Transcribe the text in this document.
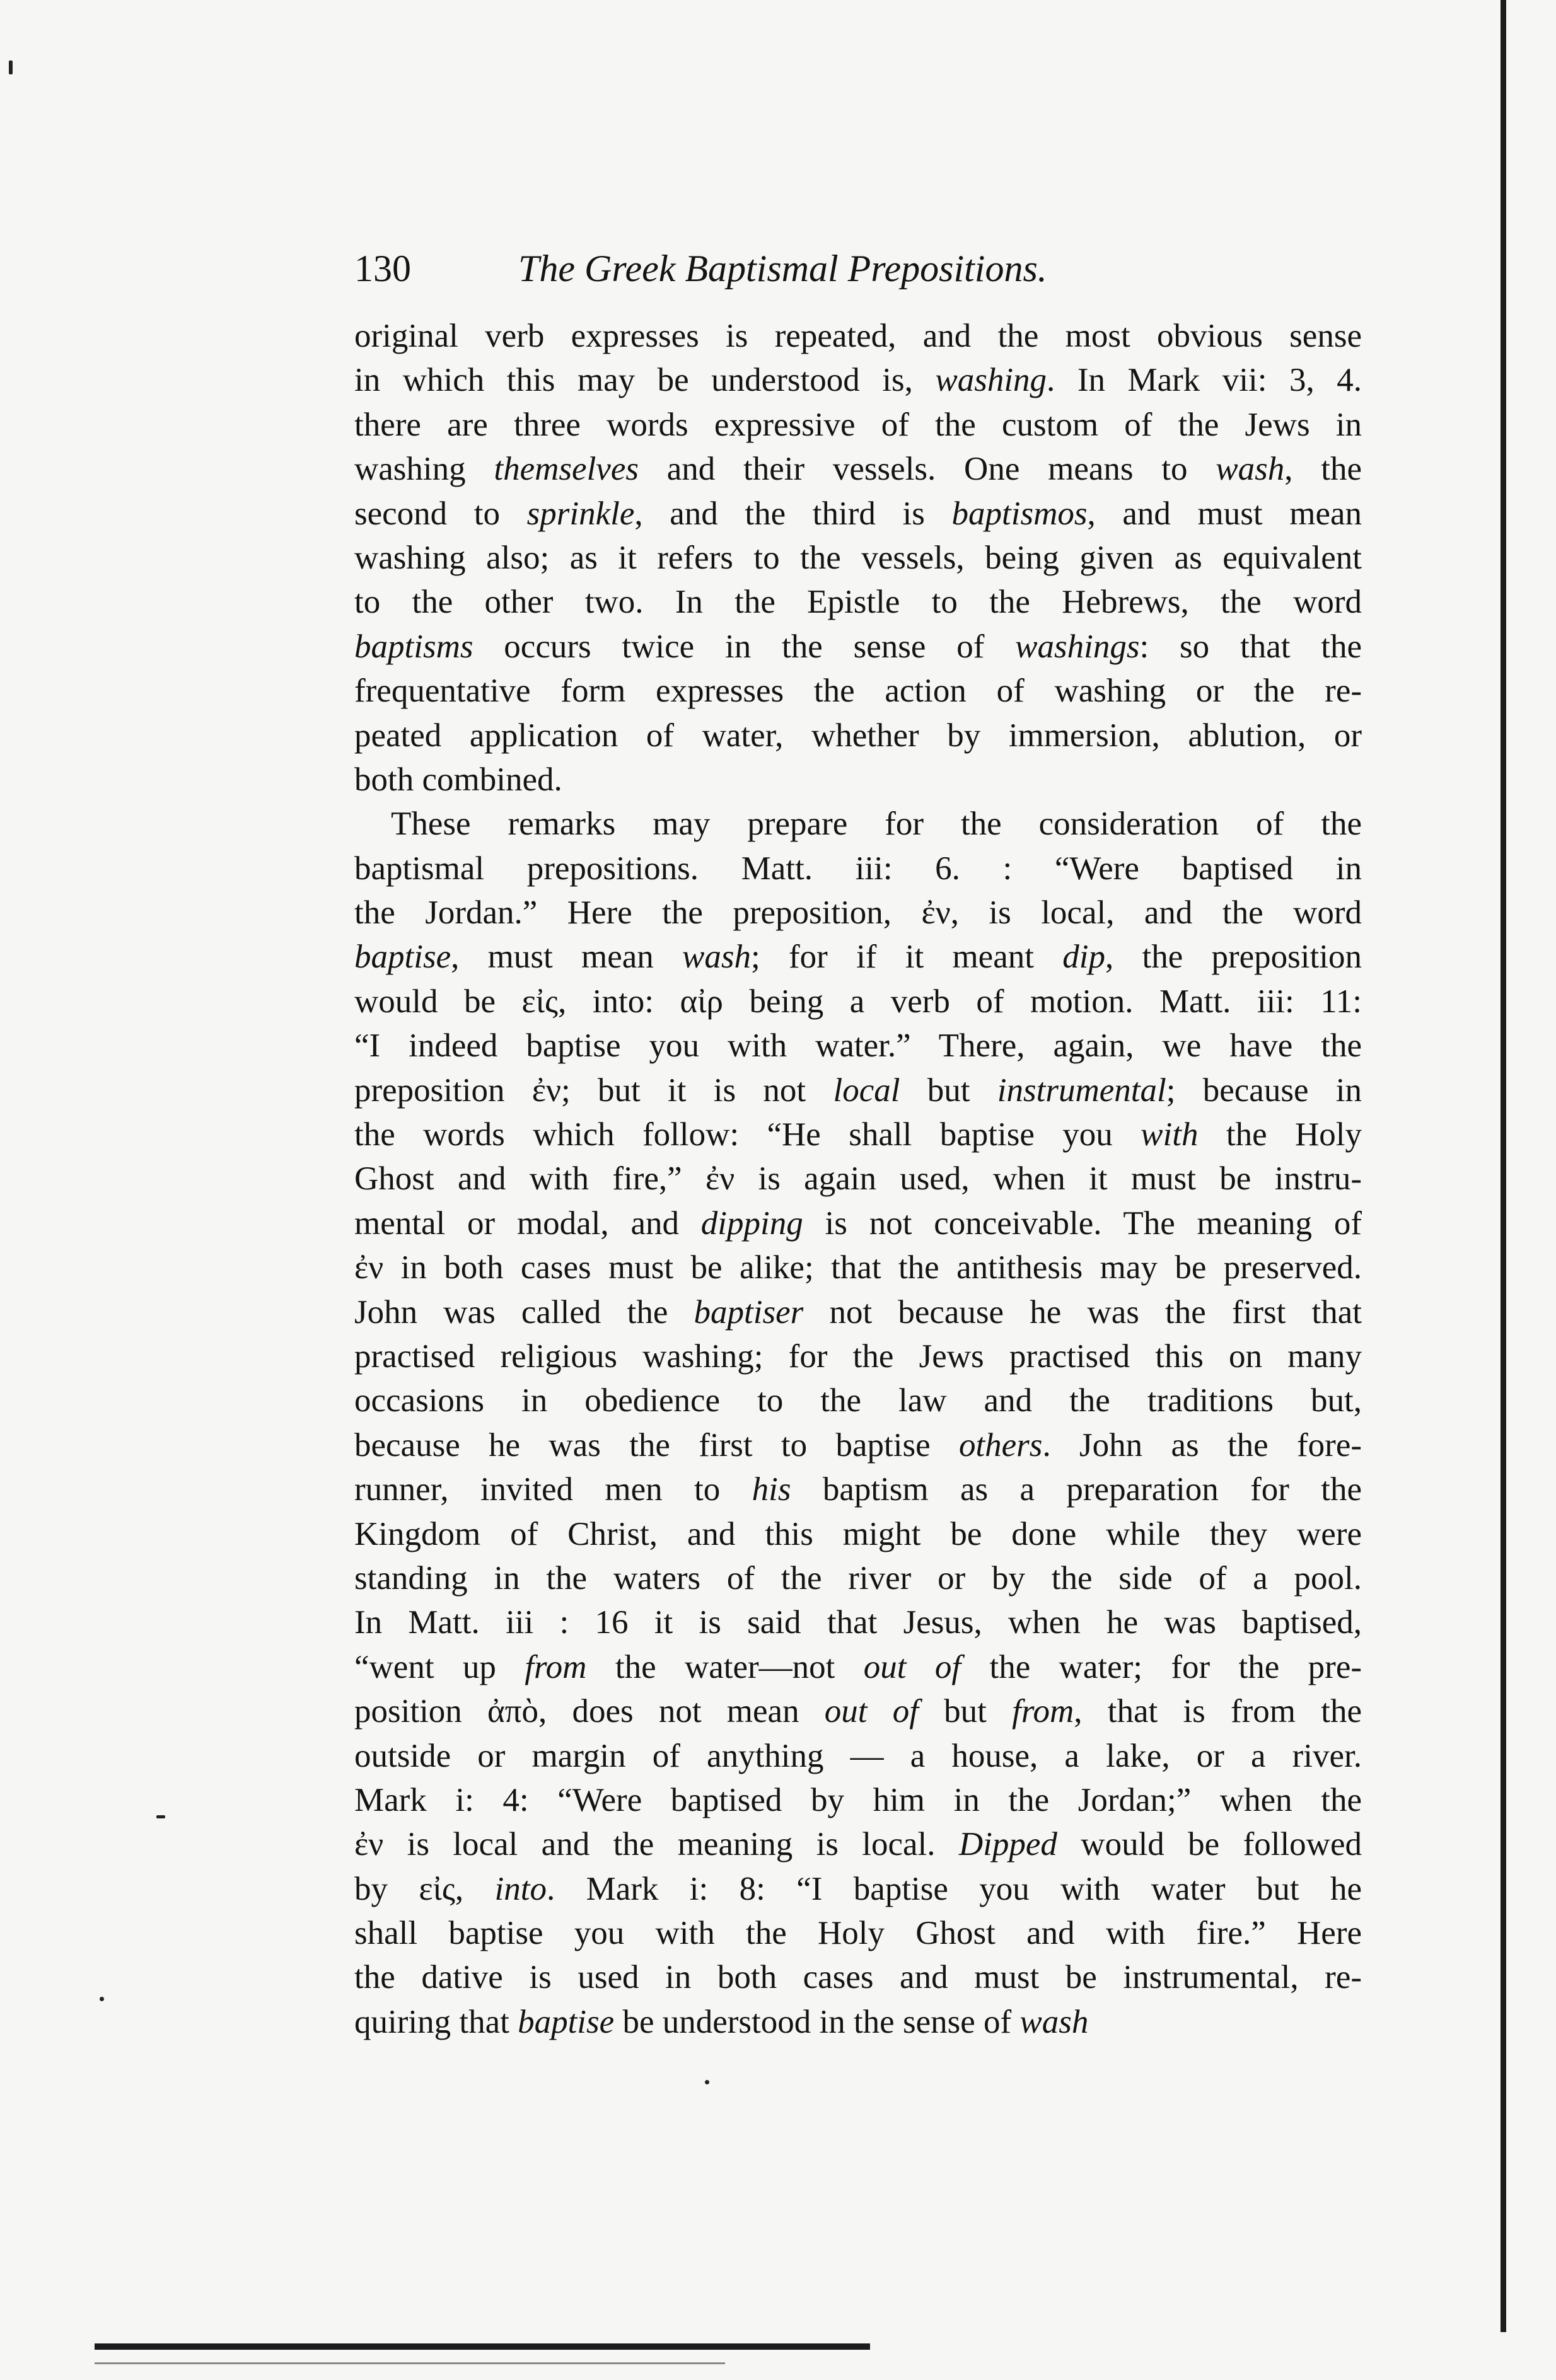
130	The Greek Baptismal Prepositions.
original verb expresses is repeated, and the most obvious sense
in which this may be understood is, washing. In Mark vii: 3, 4.
there are three words expressive of the custom of the Jews in
washing themselves and their vessels. One means to wash, the
second to sprinkle, and the third is baptismos, and must mean
washing also; as it refers to the vessels, being given as equivalent
to the other two. In the Epistle to the Hebrews, the word
baptisms occurs twice in the sense of washings: so that the
frequentative form expresses the action of washing or the re-
peated application of water, whether by immersion, ablution, or
both combined.
These remarks may prepare for the consideration of the
baptismal prepositions. Matt. iii: 6. : “Were baptised in
the Jordan.” Here the preposition, ἐν, is local, and the word
baptise, must mean wash; for if it meant dip, the preposition
would be εἰς, into: αἰρ being a verb of motion. Matt. iii: 11:
“I indeed baptise you with water.” There, again, we have the
preposition ἐν; but it is not local but instrumental; because in
the words which follow: “He shall baptise you with the Holy
Ghost and with fire,” ἐν is again used, when it must be instru-
mental or modal, and dipping is not conceivable. The meaning of
ἐν in both cases must be alike; that the antithesis may be preserved.
John was called the baptiser not because he was the first that
practised religious washing; for the Jews practised this on many
occasions in obedience to the law and the traditions but,
because he was the first to baptise others. John as the fore-
runner, invited men to his baptism as a preparation for the
Kingdom of Christ, and this might be done while they were
standing in the waters of the river or by the side of a pool.
In Matt. iii : 16 it is said that Jesus, when he was baptised,
“went up from the water—not out of the water; for the pre-
position ἀπὸ, does not mean out of but from, that is from the
outside or margin of anything — a house, a lake, or a river.
Mark i: 4: “Were baptised by him in the Jordan;” when the
ἐν is local and the meaning is local. Dipped would be followed
by εἰς, into. Mark i: 8: “I baptise you with water but he
shall baptise you with the Holy Ghost and with fire.” Here
the dative is used in both cases and must be instrumental, re-
quiring that baptise be understood in the sense of wash
